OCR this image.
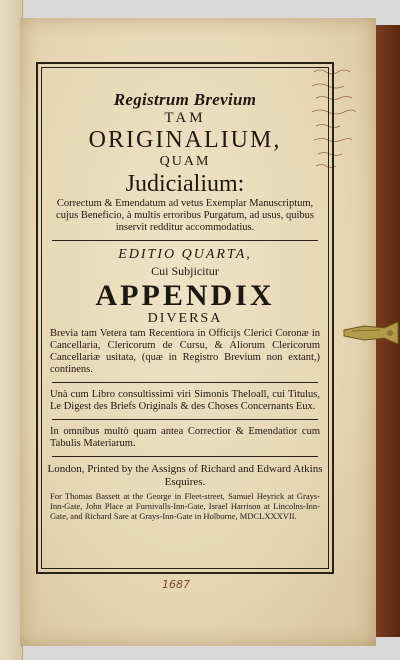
Registrum Brevium

TAM

ORIGINALIUM,

QUAM

Judicialium:

Correctum & Emendatum ad vetus Exemplar Manuscriptum, cujus Beneficio, à multis erroribus Purgatum, ad usus, quibus inservit redditur accommodatius.

EDITIO QUARTA,

Cui Subjicitur

APPENDIX

DIVERSA

Brevia tam Vetera tam Recentiora in Officijs Clerici Coronæ in Cancellaria, Clericorum de Cursu, & Aliorum Clericorum Cancellariæ usitata, (quæ in Registro Brevium non extant,) continens.

Unà cum Libro consultissimi viri Simonis Theloall, cui Titulus, Le Digest des Briefs Originals & des Choses Concernants Eux.

In omnibus multò quam antea Correctior & Emendatior cum Tabulis Materiarum.

London, Printed by the Assigns of Richard and Edward Atkins Esquires.

For Thomas Bassett at the George in Fleet-street, Samuel Heyrick at Grays-Inn-Gate, John Place at Furnivalls-Inn-Gate, Israel Harrison at Lincolns-Inn-Gate, and Richard Sare at Grays-Inn-Gate in Holborne, MDCLXXXVII.

1687
